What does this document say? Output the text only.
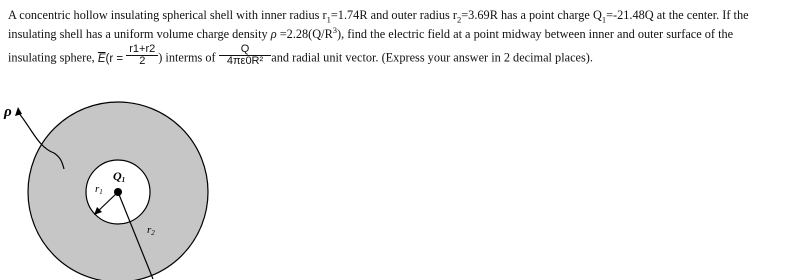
A concentric hollow insulating spherical shell with inner radius $r_1=1.74R$ and outer radius $r_2=3.69R$ has a point charge $Q_1=-21.48Q$ at the center. If the
insulating shell has a uniform volume charge density $\rho =2.28(Q/R^3)$, find the electric field at a point midway between inner and outer surface of the
insulating sphere, $\overline{E}(r = \frac{r1+r2}{2}$ ) interms of $\frac{Q}{\text{4πε0R²}}$ and radial unit vector. (Express your answer in 2 decimal places).
ρ
Q1
r1
r2
